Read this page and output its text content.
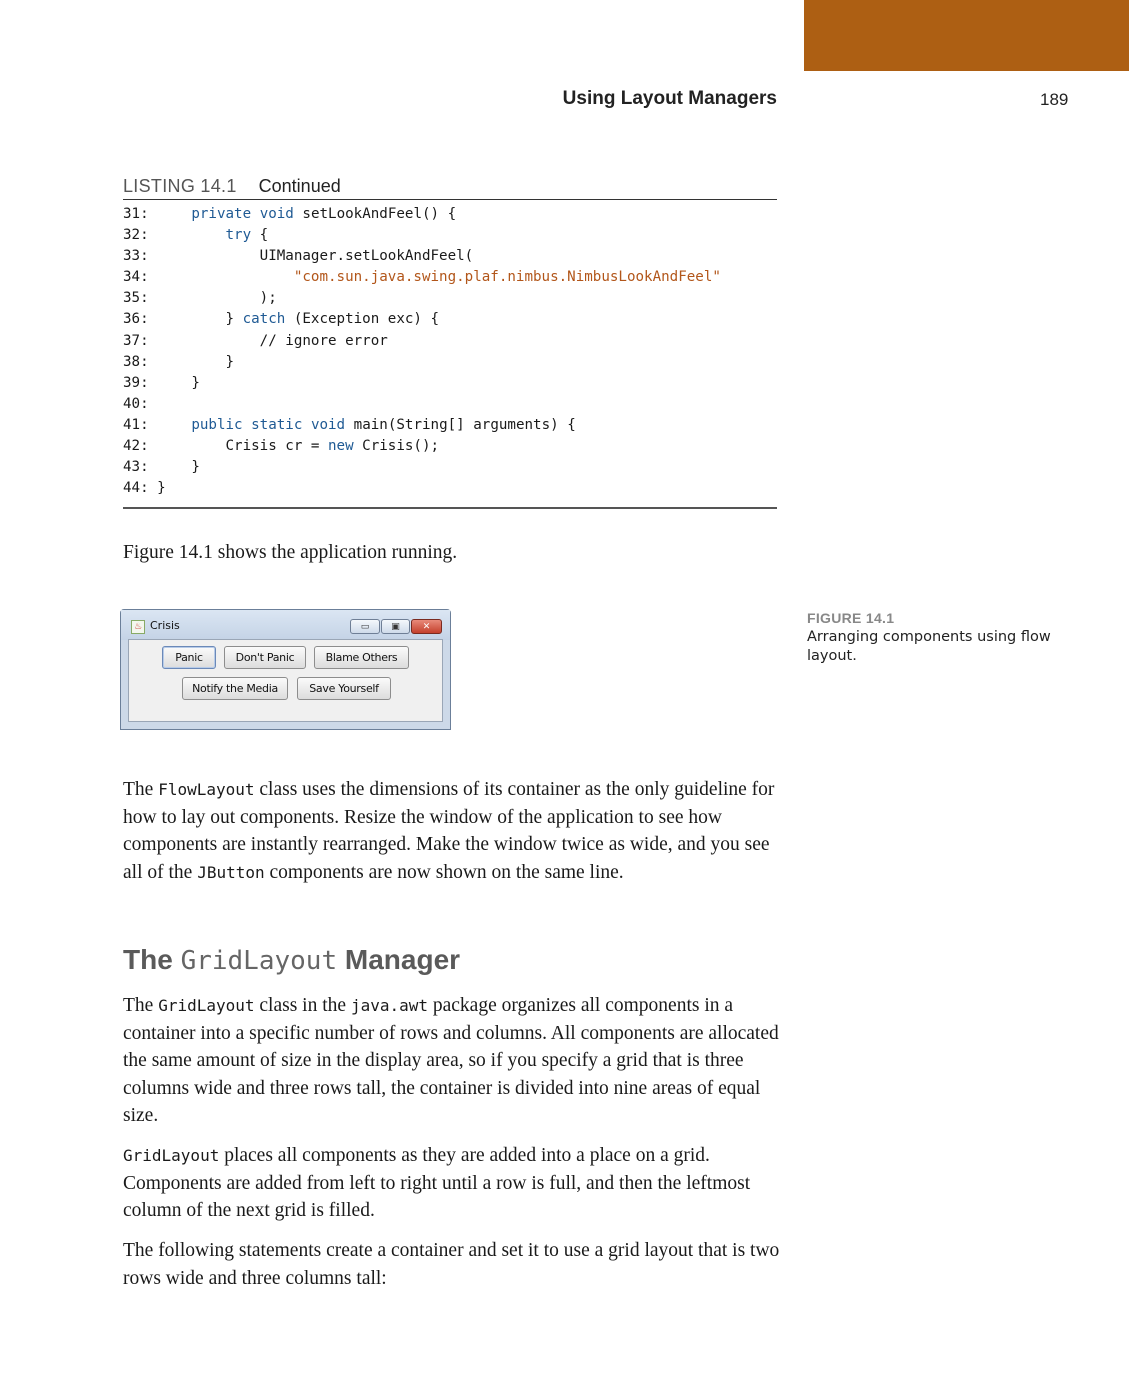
Using Layout Managers	189
LISTING 14.1 Continued
31:     private void setLookAndFeel() {
32:         try {
33:             UIManager.setLookAndFeel(
34:                 "com.sun.java.swing.plaf.nimbus.NimbusLookAndFeel"
35:             );
36:         } catch (Exception exc) {
37:             // ignore error
38:         }
39:     }
40:
41:     public static void main(String[] arguments) {
42:         Crisis cr = new Crisis();
43:     }
44: }

Figure 14.1 shows the application running.

♨ Crisis	▭	▣	✕
Panic	Don't Panic	Blame Others
Notify the Media	Save Yourself
FIGURE 14.1
Arranging components using flow layout.

The FlowLayout class uses the dimensions of its container as the only guideline for how to lay out components. Resize the window of the application to see how components are instantly rearranged. Make the window twice as wide, and you see all of the JButton components are now shown on the same line.

The GridLayout Manager

The GridLayout class in the java.awt package organizes all components in a container into a specific number of rows and columns. All components are allocated the same amount of size in the display area, so if you specify a grid that is three columns wide and three rows tall, the container is divided into nine areas of equal size.

GridLayout places all components as they are added into a place on a grid. Components are added from left to right until a row is full, and then the leftmost column of the next grid is filled.

The following statements create a container and set it to use a grid layout that is two rows wide and three columns tall:
